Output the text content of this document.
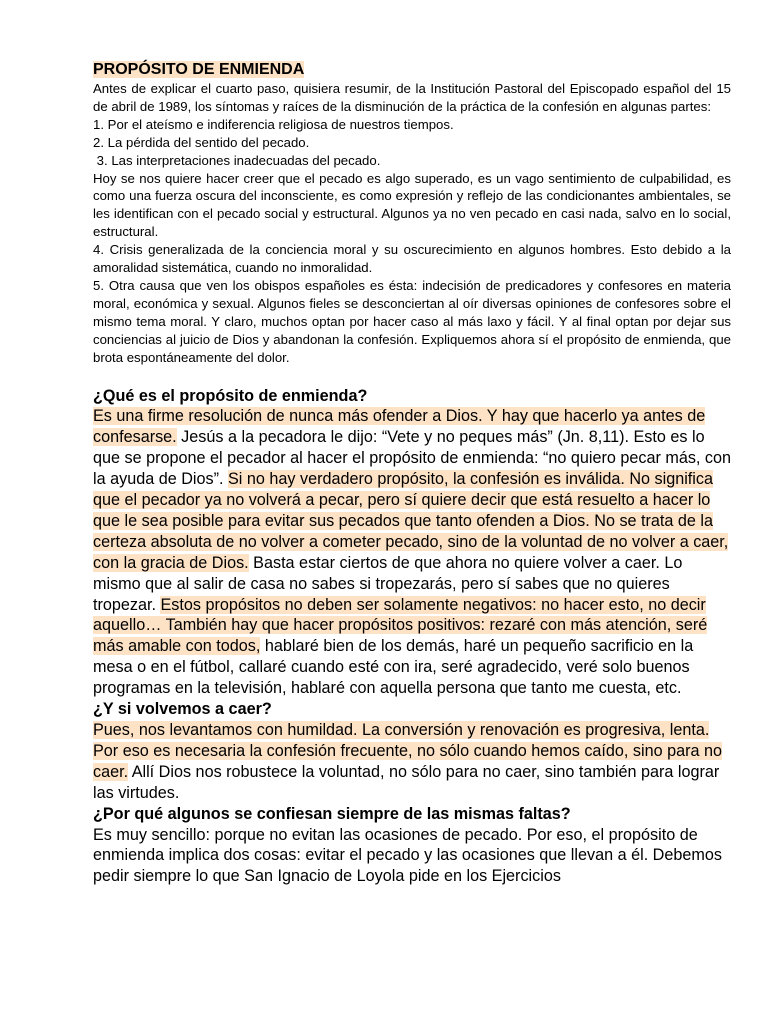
PROPÓSITO DE ENMIENDA

Antes de explicar el cuarto paso, quisiera resumir, de la Institución Pastoral del Episcopado español del 15 de abril de 1989, los síntomas y raíces de la disminución de la práctica de la confesión en algunas partes:

1. Por el ateísmo e indiferencia religiosa de nuestros tiempos.

2. La pérdida del sentido del pecado.

3. Las interpretaciones inadecuadas del pecado.

Hoy se nos quiere hacer creer que el pecado es algo superado, es un vago sentimiento de culpabilidad, es como una fuerza oscura del inconsciente, es como expresión y reflejo de las condicionantes ambientales, se les identifican con el pecado social y estructural. Algunos ya no ven pecado en casi nada, salvo en lo social, estructural.

4. Crisis generalizada de la conciencia moral y su oscurecimiento en algunos hombres. Esto debido a la amoralidad sistemática, cuando no inmoralidad.

5. Otra causa que ven los obispos españoles es ésta: indecisión de predicadores y confesores en materia moral, económica y sexual. Algunos fieles se desconciertan al oír diversas opiniones de confesores sobre el mismo tema moral. Y claro, muchos optan por hacer caso al más laxo y fácil. Y al final optan por dejar sus conciencias al juicio de Dios y abandonan la confesión. Expliquemos ahora sí el propósito de enmienda, que brota espontáneamente del dolor.

¿Qué es el propósito de enmienda?

Es una firme resolución de nunca más ofender a Dios. Y hay que hacerlo ya antes de confesarse. Jesús a la pecadora le dijo: “Vete y no peques más” (Jn. 8,11). Esto es lo que se propone el pecador al hacer el propósito de enmienda: “no quiero pecar más, con la ayuda de Dios”. Si no hay verdadero propósito, la confesión es inválida. No significa que el pecador ya no volverá a pecar, pero sí quiere decir que está resuelto a hacer lo que le sea posible para evitar sus pecados que tanto ofenden a Dios. No se trata de la certeza absoluta de no volver a cometer pecado, sino de la voluntad de no volver a caer, con la gracia de Dios. Basta estar ciertos de que ahora no quiere volver a caer. Lo mismo que al salir de casa no sabes si tropezarás, pero sí sabes que no quieres tropezar. Estos propósitos no deben ser solamente negativos: no hacer esto, no decir aquello… También hay que hacer propósitos positivos: rezaré con más atención, seré más amable con todos, hablaré bien de los demás, haré un pequeño sacrificio en la mesa o en el fútbol, callaré cuando esté con ira, seré agradecido, veré solo buenos programas en la televisión, hablaré con aquella persona que tanto me cuesta, etc.

¿Y si volvemos a caer?

Pues, nos levantamos con humildad. La conversión y renovación es progresiva, lenta. Por eso es necesaria la confesión frecuente, no sólo cuando hemos caído, sino para no caer. Allí Dios nos robustece la voluntad, no sólo para no caer, sino también para lograr las virtudes.

¿Por qué algunos se confiesan siempre de las mismas faltas?

Es muy sencillo: porque no evitan las ocasiones de pecado. Por eso, el propósito de enmienda implica dos cosas: evitar el pecado y las ocasiones que llevan a él. Debemos pedir siempre lo que San Ignacio de Loyola pide en los Ejercicios
